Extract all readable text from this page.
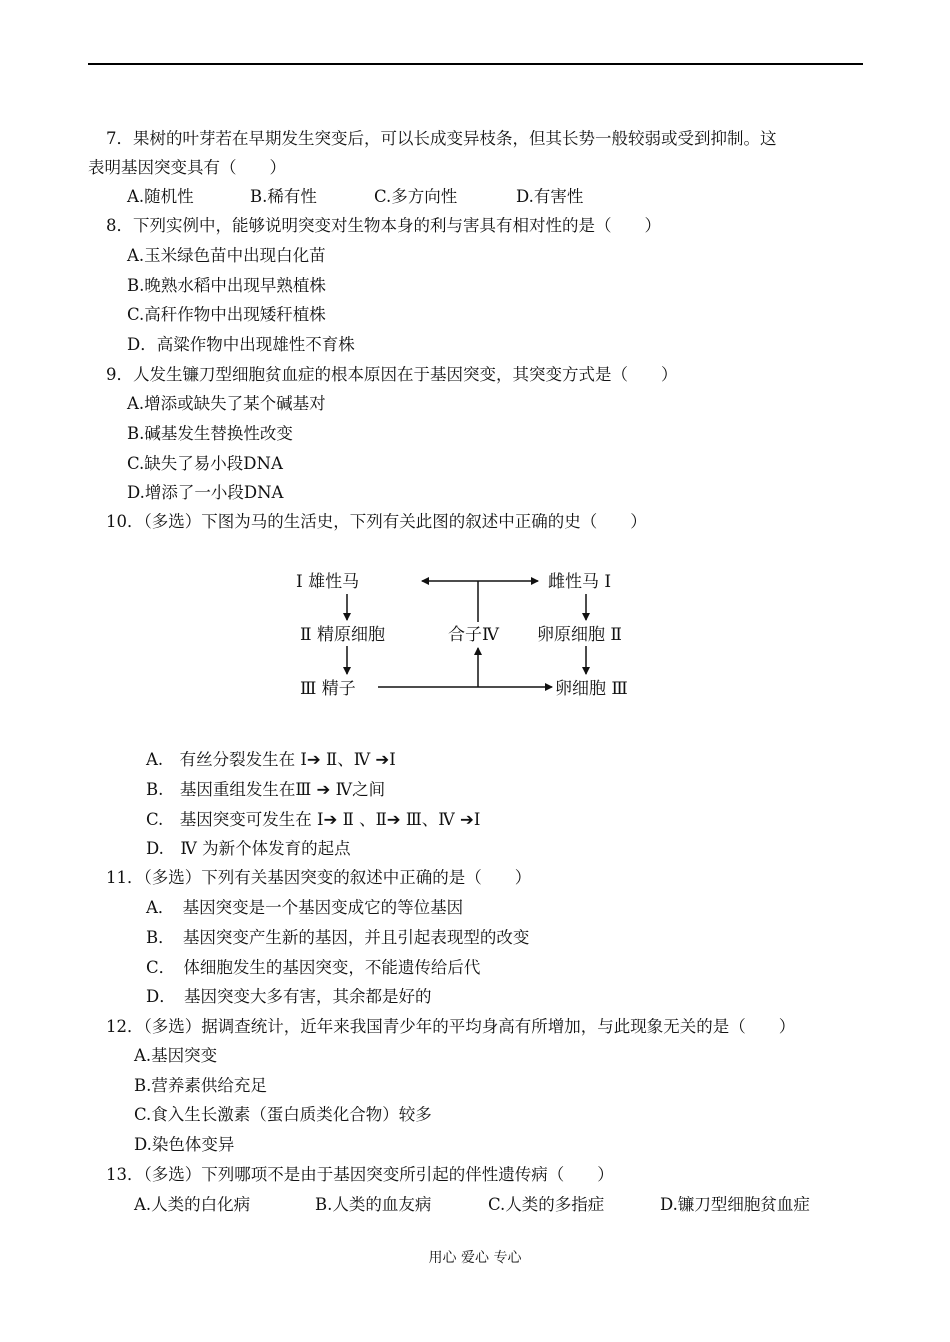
7．果树的叶芽若在早期发生突变后，可以长成变异枝条，但其长势一般较弱或受到抑制。这
表明基因突变具有（　　）
A.随机性	B.稀有性	C.多方向性	D.有害性
8．下列实例中，能够说明突变对生物本身的利与害具有相对性的是（　　）
A.玉米绿色苗中出现白化苗
B.晚熟水稻中出现早熟植株
C.高秆作物中出现矮秆植株
D．高粱作物中出现雄性不育株
9．人发生镰刀型细胞贫血症的根本原因在于基因突变，其突变方式是（　　）
A.增添或缺失了某个碱基对
B.碱基发生替换性改变
C.缺失了易小段DNA
D.增添了一小段DNA
10．（多选）下图为马的生活史，下列有关此图的叙述中正确的史（　　）
Ⅰ 雄性马	雌性马 Ⅰ
Ⅱ 精原细胞	合子Ⅳ 卵原细胞 Ⅱ
Ⅲ 精子	卵细胞 Ⅲ
A.　有丝分裂发生在 Ⅰ➔ Ⅱ、Ⅳ ➔Ⅰ
B.　基因重组发生在Ⅲ ➔ Ⅳ之间
C.　基因突变可发生在 Ⅰ➔ Ⅱ 、Ⅱ➔ Ⅲ、Ⅳ ➔Ⅰ
D.　Ⅳ 为新个体发育的起点
11．（多选）下列有关基因突变的叙述中正确的是（　　）
A．　基因突变是一个基因变成它的等位基因
B．　基因突变产生新的基因，并且引起表现型的改变
C．　体细胞发生的基因突变，不能遗传给后代
D．　基因突变大多有害，其余都是好的
12．（多选）据调查统计，近年来我国青少年的平均身高有所增加，与此现象无关的是（　　）
A.基因突变
B.营养素供给充足
C.食入生长激素（蛋白质类化合物）较多
D.染色体变异
13．（多选）下列哪项不是由于基因突变所引起的伴性遗传病（　　）
A.人类的白化病	B.人类的血友病	C.人类的多指症	D.镰刀型细胞贫血症
用心 爱心 专心
